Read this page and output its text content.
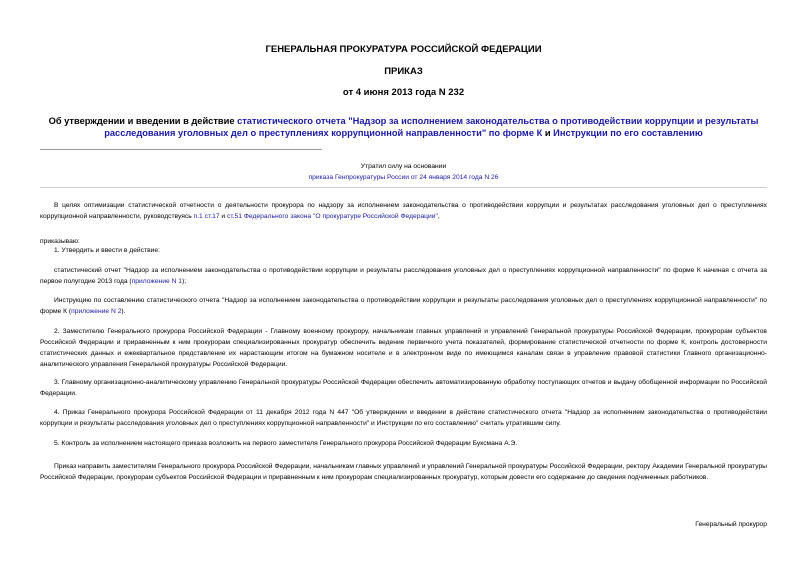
ГЕНЕРАЛЬНАЯ ПРОКУРАТУРА РОССИЙСКОЙ ФЕДЕРАЦИИ
ПРИКАЗ
от 4 июня 2013 года N 232
Об утверждении и введении в действие статистического отчета "Надзор за исполнением законодательства о противодействии коррупции и результаты расследования уголовных дел о преступлениях коррупционной направленности" по форме К и Инструкции по его составлению
Утратил силу на основании
приказа Генпрокуратуры России от 24 января 2014 года N 26
В целях оптимизации статистической отчетности о деятельности прокурора по надзору за исполнением законодательства о противодействии коррупции и результатах расследования уголовных дел о преступлениях коррупционной направленности, руководствуясь п.1 ст.17 и ст.51 Федерального закона "О прокуратуре Российской Федерации",
приказываю:
1. Утвердить и ввести в действие:
статистический отчет "Надзор за исполнением законодательства о противодействии коррупции и результаты расследования уголовных дел о преступлениях коррупционной направленности" по форме К начиная с отчета за первое полугодие 2013 года (приложение N 1);
Инструкцию по составлению статистического отчета "Надзор за исполнением законодательства о противодействии коррупции и результаты расследования уголовных дел о преступлениях коррупционной направленности" по форме К (приложение N 2).
2. Заместителю Генерального прокурора Российской Федерации - Главному военному прокурору, начальникам главных управлений и управлений Генеральной прокуратуры Российской Федерации, прокурорам субъектов Российской Федерации и приравненным к ним прокурорам специализированных прокуратур обеспечить ведение первичного учета показателей, формирование статистической отчетности по форме К, контроль достоверности статистических данных и ежеквартальное представление их нарастающим итогом на бумажном носителе и в электронном виде по имеющимся каналам связи в управление правовой статистики Главного организационно-аналитического управления Генеральной прокуратуры Российской Федерации.
3. Главному организационно-аналитическому управлению Генеральной прокуратуры Российской Федерации обеспечить автоматизированную обработку поступающих отчетов и выдачу обобщенной информации по Российской Федерации.
4. Приказ Генерального прокурора Российской Федерации от 11 декабря 2012 года N 447 "Об утверждении и введении в действие статистического отчета "Надзор за исполнением законодательства о противодействии коррупции и результаты расследования уголовных дел о преступлениях коррупционной направленности" и Инструкции по его составлению" считать утратившим силу.
5. Контроль за исполнением настоящего приказа возложить на первого заместителя Генерального прокурора Российской Федерации Буксмана А.Э.
Приказ направить заместителям Генерального прокурора Российской Федерации, начальникам главных управлений и управлений Генеральной прокуратуры Российской Федерации, ректору Академии Генеральной прокуратуры Российской Федерации, прокурорам субъектов Российской Федерации и приравненным к ним прокурорам специализированных прокуратур, которым довести его содержание до сведения подчиненных работников.
Генеральный прокурор
